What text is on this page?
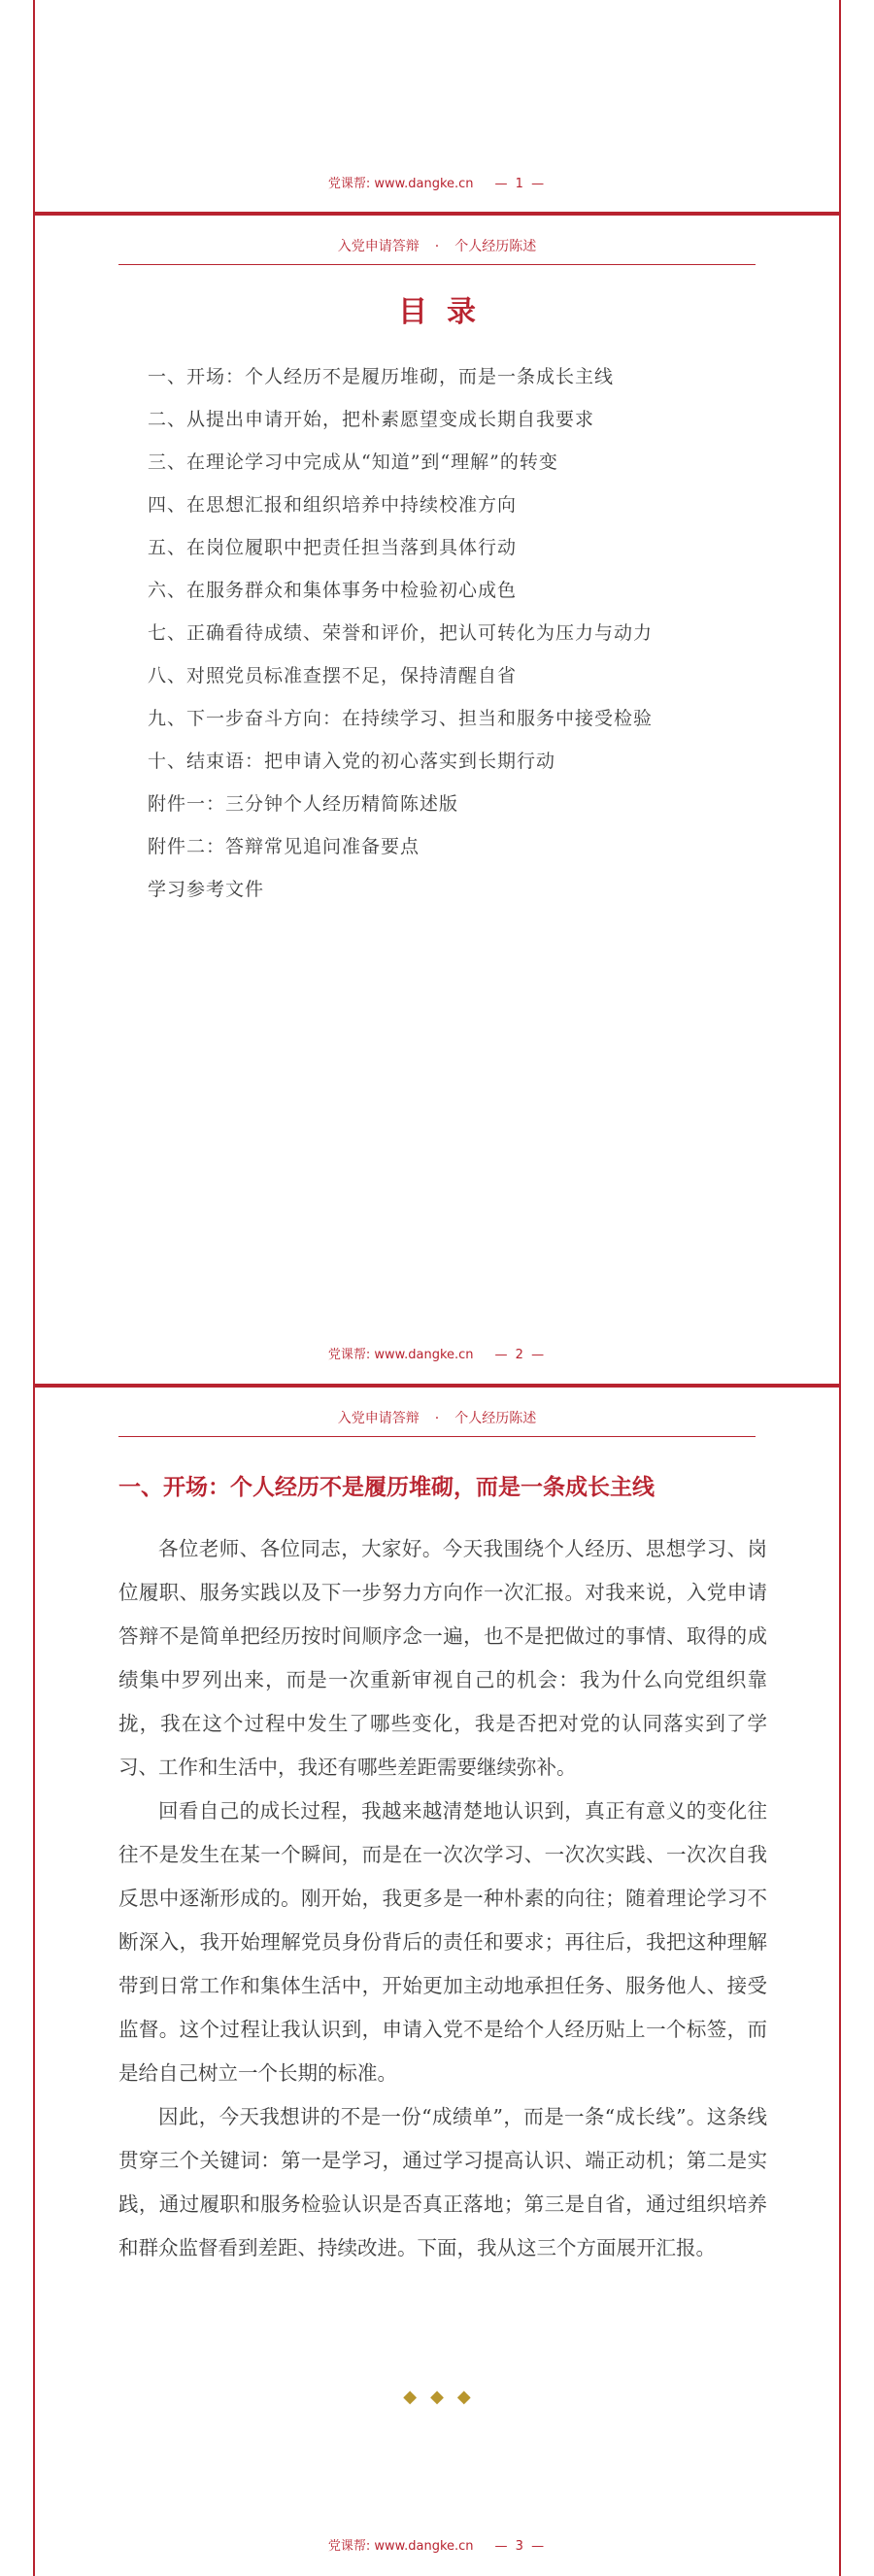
党课帮: www.dangke.cn — 1 —
入党申请答辩 · 个人经历陈述
目录
一、开场：个人经历不是履历堆砌，而是一条成长主线
二、从提出申请开始，把朴素愿望变成长期自我要求
三、在理论学习中完成从“知道”到“理解”的转变
四、在思想汇报和组织培养中持续校准方向
五、在岗位履职中把责任担当落到具体行动
六、在服务群众和集体事务中检验初心成色
七、正确看待成绩、荣誉和评价，把认可转化为压力与动力
八、对照党员标准查摆不足，保持清醒自省
九、下一步奋斗方向：在持续学习、担当和服务中接受检验
十、结束语：把申请入党的初心落实到长期行动
附件一：三分钟个人经历精简陈述版
附件二：答辩常见追问准备要点
学习参考文件
党课帮: www.dangke.cn — 2 —
入党申请答辩 · 个人经历陈述
一、开场：个人经历不是履历堆砌，而是一条成长主线

各位老师、各位同志，大家好。今天我围绕个人经历、思想学习、岗位履职、服务实践以及下一步努力方向作一次汇报。对我来说，入党申请答辩不是简单把经历按时间顺序念一遍，也不是把做过的事情、取得的成绩集中罗列出来，而是一次重新审视自己的机会：我为什么向党组织靠拢，我在这个过程中发生了哪些变化，我是否把对党的认同落实到了学习、工作和生活中，我还有哪些差距需要继续弥补。

回看自己的成长过程，我越来越清楚地认识到，真正有意义的变化往往不是发生在某一个瞬间，而是在一次次学习、一次次实践、一次次自我反思中逐渐形成的。刚开始，我更多是一种朴素的向往；随着理论学习不断深入，我开始理解党员身份背后的责任和要求；再往后，我把这种理解带到日常工作和集体生活中，开始更加主动地承担任务、服务他人、接受监督。这个过程让我认识到，申请入党不是给个人经历贴上一个标签，而是给自己树立一个长期的标准。

因此，今天我想讲的不是一份“成绩单”，而是一条“成长线”。这条线贯穿三个关键词：第一是学习，通过学习提高认识、端正动机；第二是实践，通过履职和服务检验认识是否真正落地；第三是自省，通过组织培养和群众监督看到差距、持续改进。下面，我从这三个方面展开汇报。

◆◆◆
党课帮: www.dangke.cn — 3 —
